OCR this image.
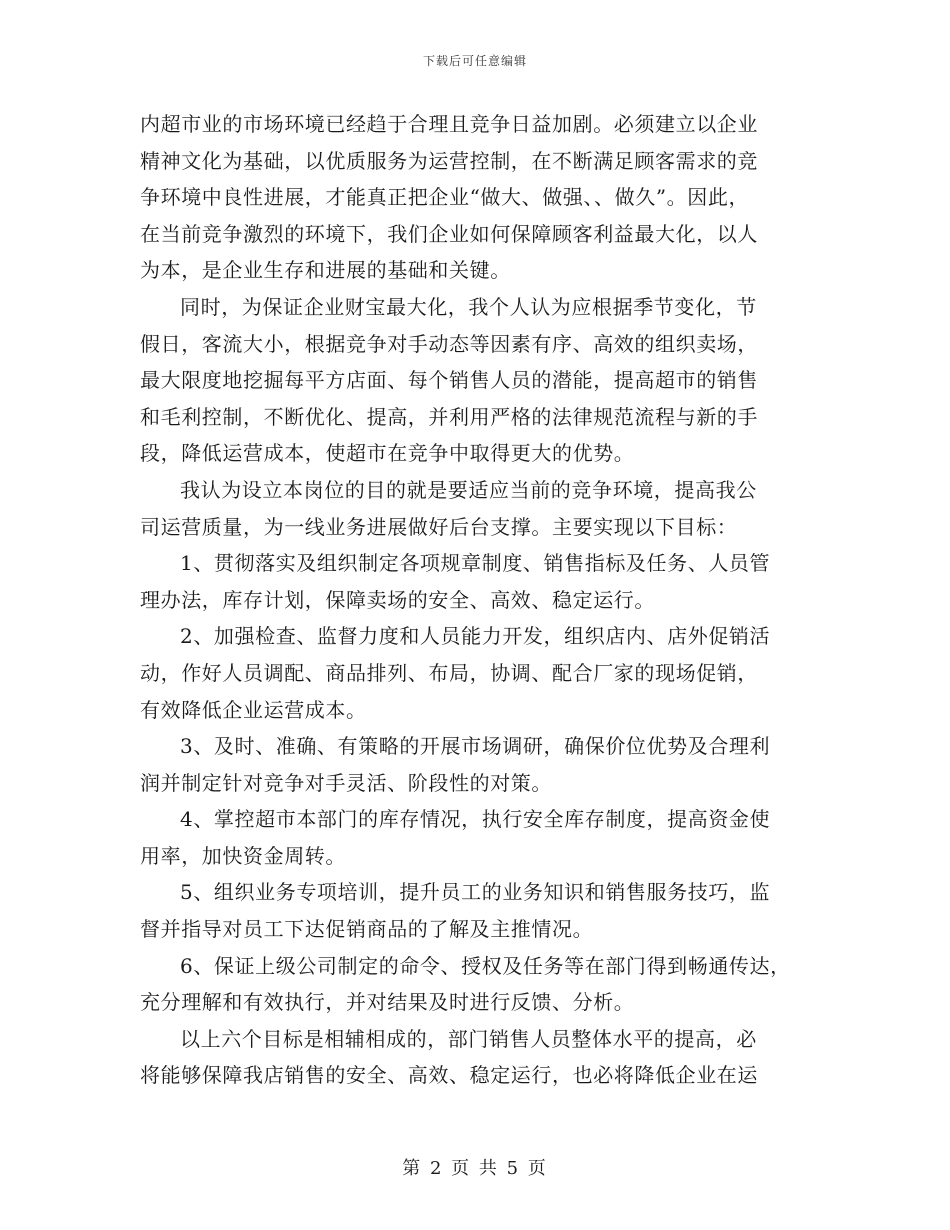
下载后可任意编辑
内超市业的市场环境已经趋于合理且竞争日益加剧。必须建立以企业
精神文化为基础，以优质服务为运营控制，在不断满足顾客需求的竞
争环境中良性进展，才能真正把企业“做大、做强、、做久”。因此，
在当前竞争激烈的环境下，我们企业如何保障顾客利益最大化，以人
为本，是企业生存和进展的基础和关键。
同时，为保证企业财宝最大化，我个人认为应根据季节变化，节
假日，客流大小，根据竞争对手动态等因素有序、高效的组织卖场，
最大限度地挖掘每平方店面、每个销售人员的潜能，提高超市的销售
和毛利控制，不断优化、提高，并利用严格的法律规范流程与新的手
段，降低运营成本，使超市在竞争中取得更大的优势。
我认为设立本岗位的目的就是要适应当前的竞争环境，提高我公
司运营质量，为一线业务进展做好后台支撑。主要实现以下目标：
1、贯彻落实及组织制定各项规章制度、销售指标及任务、人员管
理办法，库存计划，保障卖场的安全、高效、稳定运行。
2、加强检查、监督力度和人员能力开发，组织店内、店外促销活
动，作好人员调配、商品排列、布局，协调、配合厂家的现场促销，
有效降低企业运营成本。
3、及时、准确、有策略的开展市场调研，确保价位优势及合理利
润并制定针对竞争对手灵活、阶段性的对策。
4、掌控超市本部门的库存情况，执行安全库存制度，提高资金使
用率，加快资金周转。
5、组织业务专项培训，提升员工的业务知识和销售服务技巧，监
督并指导对员工下达促销商品的了解及主推情况。
6、保证上级公司制定的命令、授权及任务等在部门得到畅通传达，
充分理解和有效执行，并对结果及时进行反馈、分析。
以上六个目标是相辅相成的，部门销售人员整体水平的提高，必
将能够保障我店销售的安全、高效、稳定运行，也必将降低企业在运
第 2 页 共 5 页
